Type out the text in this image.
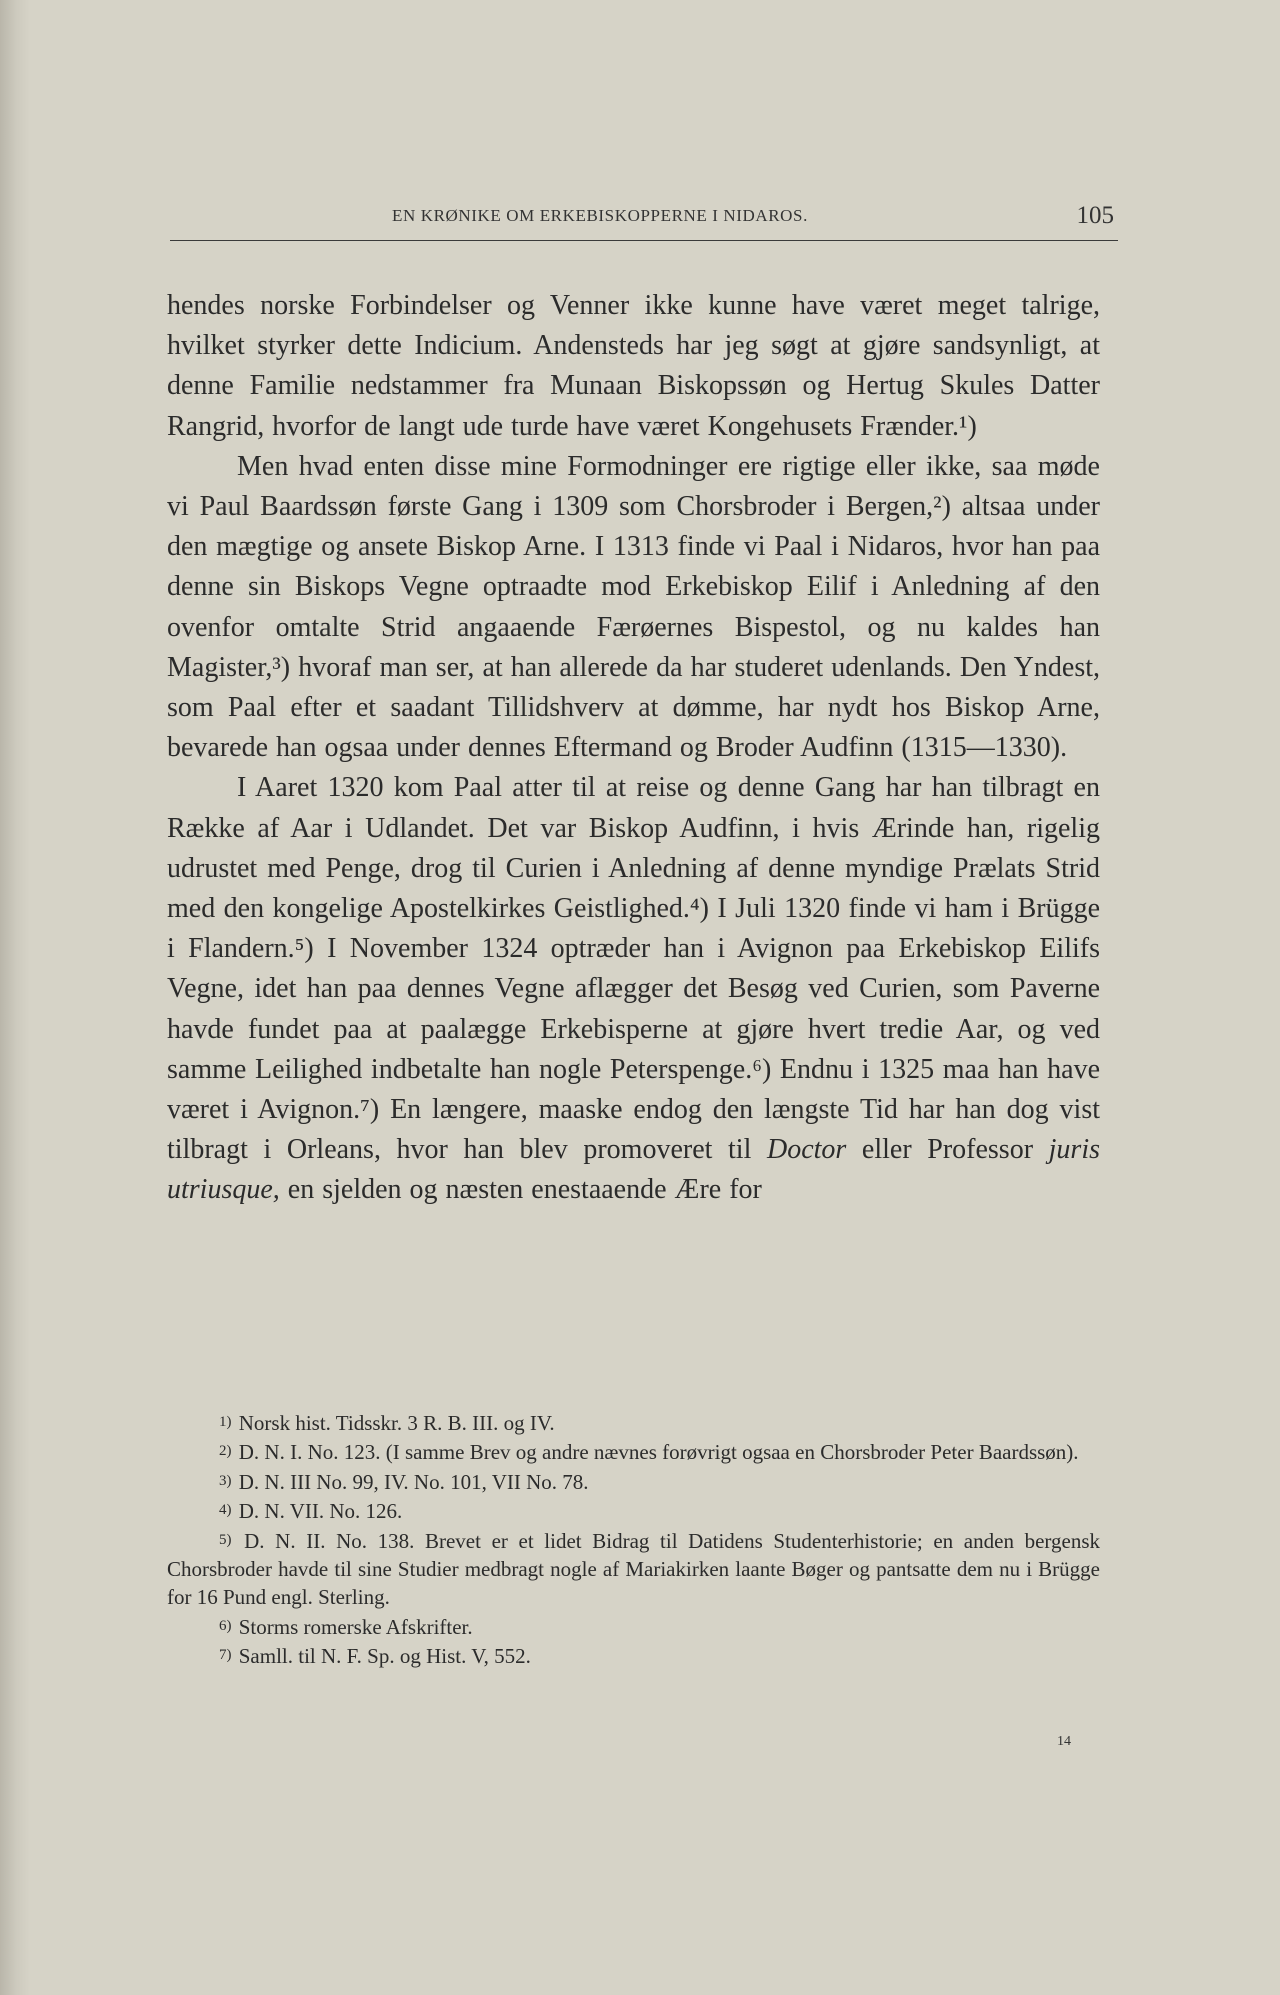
EN KRØNIKE OM ERKEBISKOPPERNE I NIDAROS.	105

hendes norske Forbindelser og Venner ikke kunne have været meget talrige, hvilket styrker dette Indicium. Andensteds har jeg søgt at gjøre sandsynligt, at denne Familie nedstammer fra Munaan Biskopssøn og Hertug Skules Datter Rangrid, hvorfor de langt ude turde have været Kongehusets Frænder.¹)

Men hvad enten disse mine Formodninger ere rigtige eller ikke, saa møde vi Paul Baardssøn første Gang i 1309 som Chorsbroder i Bergen,²) altsaa under den mægtige og ansete Biskop Arne. I 1313 finde vi Paal i Nidaros, hvor han paa denne sin Biskops Vegne optraadte mod Erkebiskop Eilif i Anledning af den ovenfor omtalte Strid angaaende Færøernes Bispestol, og nu kaldes han Magister,³) hvoraf man ser, at han allerede da har studeret udenlands. Den Yndest, som Paal efter et saadant Tillidshverv at dømme, har nydt hos Biskop Arne, bevarede han ogsaa under dennes Eftermand og Broder Audfinn (1315—1330).

I Aaret 1320 kom Paal atter til at reise og denne Gang har han tilbragt en Række af Aar i Udlandet. Det var Biskop Audfinn, i hvis Ærinde han, rigelig udrustet med Penge, drog til Curien i Anledning af denne myndige Prælats Strid med den kongelige Apostelkirkes Geistlighed.⁴) I Juli 1320 finde vi ham i Brügge i Flandern.⁵) I November 1324 optræder han i Avignon paa Erkebiskop Eilifs Vegne, idet han paa dennes Vegne aflægger det Besøg ved Curien, som Paverne havde fundet paa at paalægge Erkebisperne at gjøre hvert tredie Aar, og ved samme Leilighed indbetalte han nogle Peterspenge.⁶) Endnu i 1325 maa han have været i Avignon.⁷) En længere, maaske endog den længste Tid har han dog vist tilbragt i Orleans, hvor han blev promoveret til Doctor eller Professor juris utriusque, en sjelden og næsten enestaaende Ære for

1) Norsk hist. Tidsskr. 3 R. B. III. og IV.

2) D. N. I. No. 123. (I samme Brev og andre nævnes forøvrigt ogsaa en Chorsbroder Peter Baardssøn).

3) D. N. III No. 99, IV. No. 101, VII No. 78.

4) D. N. VII. No. 126.

5) D. N. II. No. 138. Brevet er et lidet Bidrag til Datidens Studenterhistorie; en anden bergensk Chorsbroder havde til sine Studier medbragt nogle af Mariakirken laante Bøger og pantsatte dem nu i Brügge for 16 Pund engl. Sterling.

6) Storms romerske Afskrifter.

7) Samll. til N. F. Sp. og Hist. V, 552.

14
